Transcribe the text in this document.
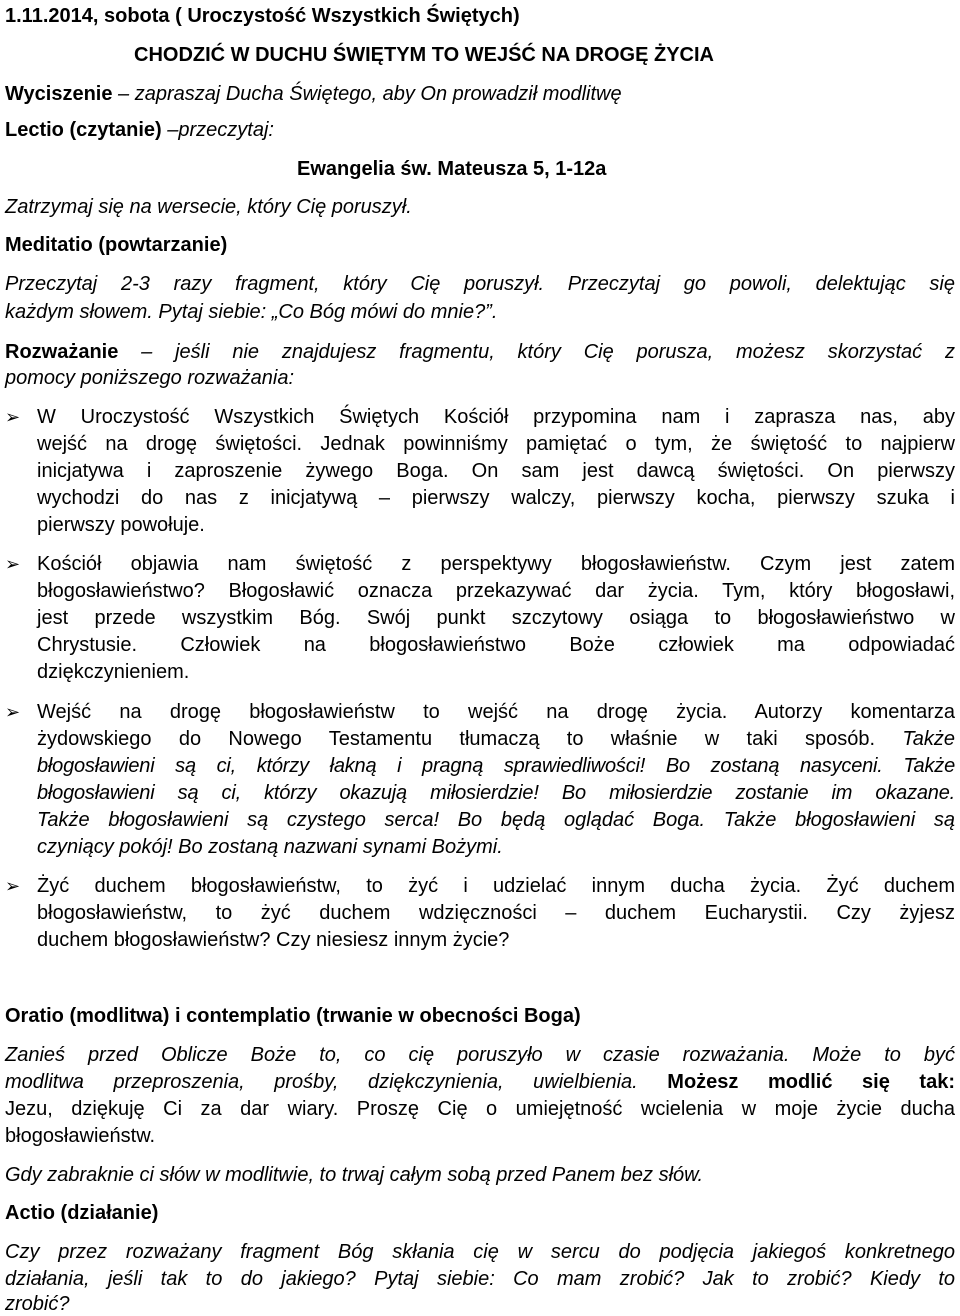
1.11.2014, sobota ( Uroczystość Wszystkich Świętych)
CHODZIĆ W DUCHU ŚWIĘTYM TO WEJŚĆ NA DROGĘ ŻYCIA
Wyciszenie – zapraszaj Ducha Świętego, aby On prowadził modlitwę
Lectio (czytanie) –przeczytaj:
Ewangelia św. Mateusza 5, 1-12a
Zatrzymaj się na wersecie, który Cię poruszył.
Meditatio (powtarzanie)
Przeczytaj 2-3 razy fragment, który Cię poruszył. Przeczytaj go powoli, delektując się
każdym słowem. Pytaj siebie: „Co Bóg mówi do mnie?”.
Rozważanie – jeśli nie znajdujesz fragmentu, który Cię porusza, możesz skorzystać z
pomocy poniższego rozważania:
➢ W Uroczystość Wszystkich Świętych Kościół przypomina nam i zaprasza nas, aby
wejść na drogę świętości. Jednak powinniśmy pamiętać o tym, że świętość to najpierw
inicjatywa i zaproszenie żywego Boga. On sam jest dawcą świętości. On pierwszy
wychodzi do nas z inicjatywą – pierwszy walczy, pierwszy kocha, pierwszy szuka i
pierwszy powołuje.
➢ Kościół objawia nam świętość z perspektywy błogosławieństw. Czym jest zatem
błogosławieństwo? Błogosławić oznacza przekazywać dar życia. Tym, który błogosławi,
jest przede wszystkim Bóg. Swój punkt szczytowy osiąga to błogosławieństwo w
Chrystusie. Człowiek na błogosławieństwo Boże człowiek ma odpowiadać
dziękczynieniem.
➢ Wejść na drogę błogosławieństw to wejść na drogę życia. Autorzy komentarza
żydowskiego do Nowego Testamentu tłumaczą to właśnie w taki sposób. Także
błogosławieni są ci, którzy łakną i pragną sprawiedliwości! Bo zostaną nasyceni. Także
błogosławieni są ci, którzy okazują miłosierdzie! Bo miłosierdzie zostanie im okazane.
Także błogosławieni są czystego serca! Bo będą oglądać Boga. Także błogosławieni są
czyniący pokój! Bo zostaną nazwani synami Bożymi.
➢ Żyć duchem błogosławieństw, to żyć i udzielać innym ducha życia. Żyć duchem
błogosławieństw, to żyć duchem wdzięczności – duchem Eucharystii. Czy żyjesz
duchem błogosławieństw? Czy niesiesz innym życie?
Oratio (modlitwa) i contemplatio (trwanie w obecności Boga)
Zanieś przed Oblicze Boże to, co cię poruszyło w czasie rozważania. Może to być
modlitwa przeproszenia, prośby, dziękczynienia, uwielbienia. Możesz modlić się tak:
Jezu, dziękuję Ci za dar wiary. Proszę Cię o umiejętność wcielenia w moje życie ducha
błogosławieństw.
Gdy zabraknie ci słów w modlitwie, to trwaj całym sobą przed Panem bez słów.
Actio (działanie)
Czy przez rozważany fragment Bóg skłania cię w sercu do podjęcia jakiegoś konkretnego
działania, jeśli tak to do jakiego? Pytaj siebie: Co mam zrobić? Jak to zrobić? Kiedy to
zrobić?
